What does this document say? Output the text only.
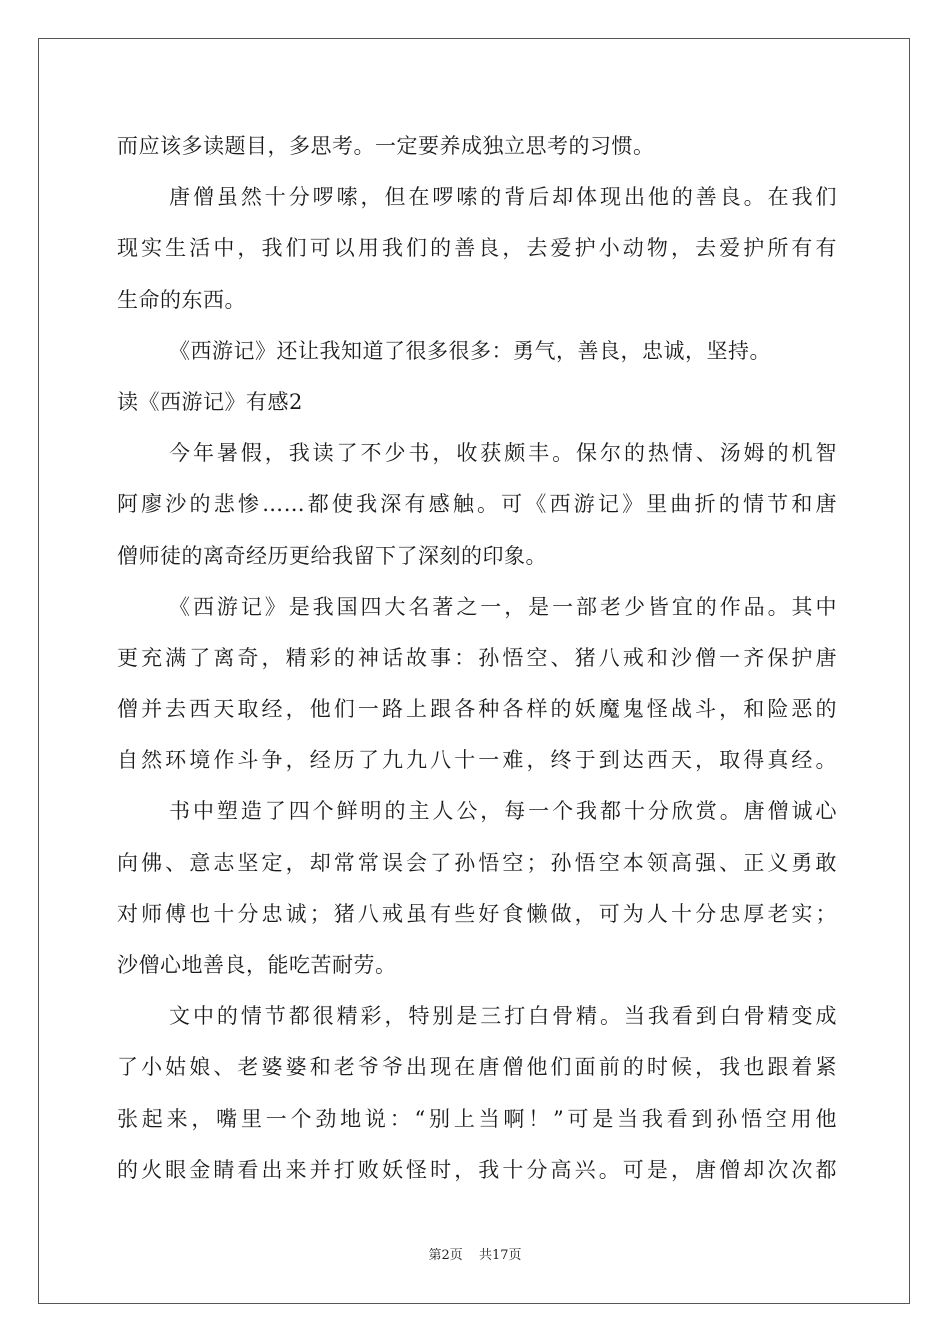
而应该多读题目，多思考。一定要养成独立思考的习惯。
唐僧虽然十分啰嗦，但在啰嗦的背后却体现出他的善良。在我们
现实生活中，我们可以用我们的善良，去爱护小动物，去爱护所有有
生命的东西。
《西游记》还让我知道了很多很多：勇气，善良，忠诚，坚持。
读《西游记》有感2
今年暑假，我读了不少书，收获颇丰。保尔的热情、汤姆的机智
阿廖沙的悲惨……都使我深有感触。可《西游记》里曲折的情节和唐
僧师徒的离奇经历更给我留下了深刻的印象。
《西游记》是我国四大名著之一，是一部老少皆宜的作品。其中
更充满了离奇，精彩的神话故事：孙悟空、猪八戒和沙僧一齐保护唐
僧并去西天取经，他们一路上跟各种各样的妖魔鬼怪战斗，和险恶的
自然环境作斗争，经历了九九八十一难，终于到达西天，取得真经。
书中塑造了四个鲜明的主人公，每一个我都十分欣赏。唐僧诚心
向佛、意志坚定，却常常误会了孙悟空；孙悟空本领高强、正义勇敢
对师傅也十分忠诚；猪八戒虽有些好食懒做，可为人十分忠厚老实；
沙僧心地善良，能吃苦耐劳。
文中的情节都很精彩，特别是三打白骨精。当我看到白骨精变成
了小姑娘、老婆婆和老爷爷出现在唐僧他们面前的时候，我也跟着紧
张起来，嘴里一个劲地说：“别上当啊！”可是当我看到孙悟空用他
的火眼金睛看出来并打败妖怪时，我十分高兴。可是，唐僧却次次都
第2页 共17页
